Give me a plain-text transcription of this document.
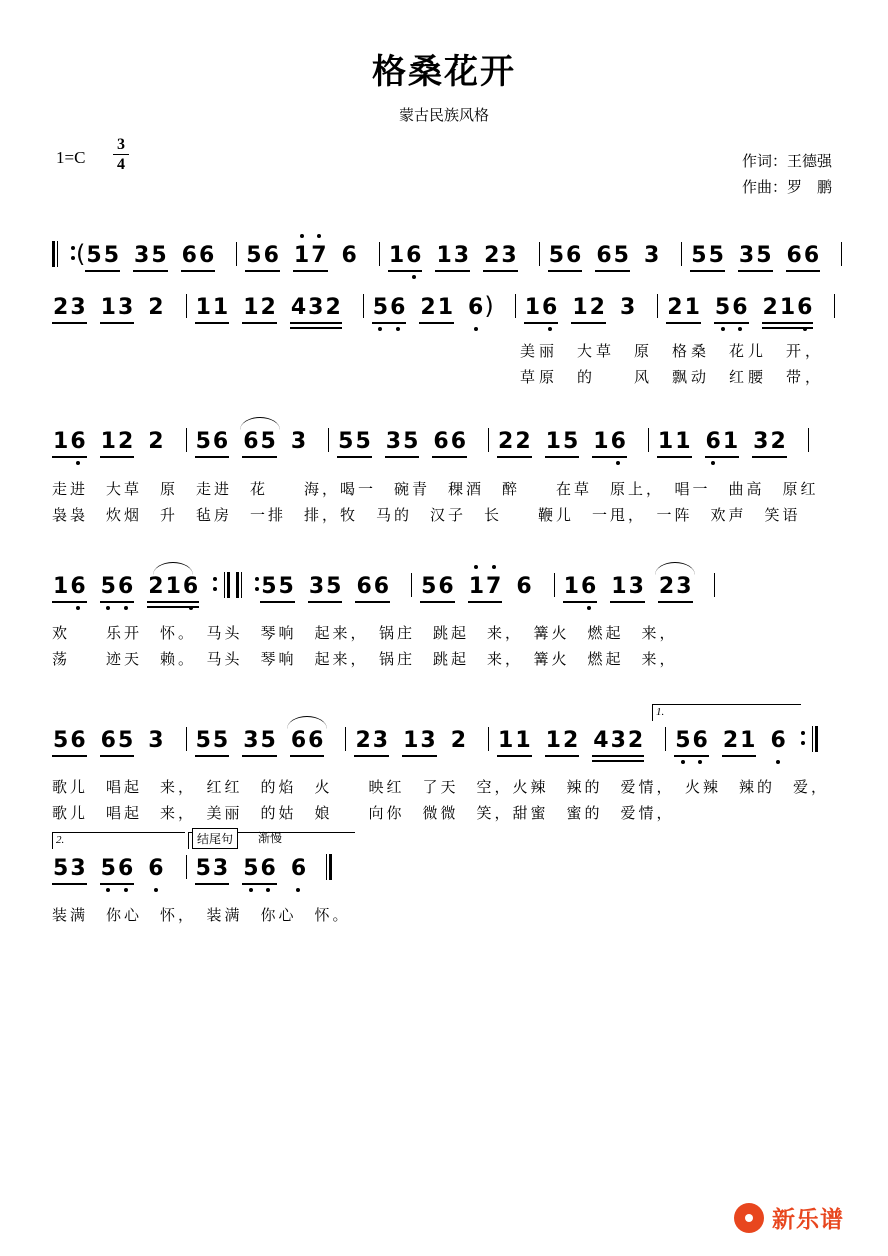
格桑花开
蒙古民族风格
1=C
3
4	作词：王德强
作曲：罗　鹏
(55 35 66 56 17 6 16 13 23 56 65 3 55 35 66
23 13 2 11 12 432 56 21 6) 16 12 3 21 56 216
美丽　大草　原　格桑　花儿　开，
草原　的　　风　飘动　红腰　带，
16 12 2 56 65 3 55 35 66 22 15 16 11 61 32
走进　大草　原　走进　花　　海，喝一　碗青　稞酒　醉　　在草　原上，　唱一　曲高　原红
袅袅　炊烟　升　毡房　一排　排，牧　马的　汉子　长　　鞭儿　一甩，　一阵　欢声　笑语
16 56 216	55 35 66 56 17 6 16 13 23
欢　　乐开　怀。　马头　琴响　起来，　锅庄　跳起　来，　篝火　燃起　来，
荡　　迹天　赖。　马头　琴响　起来，　锅庄　跳起　来，　篝火　燃起　来，
1.
56 65 3 55 35 66 23 13 2 11 12 432 56 21 6
歌儿　唱起　来，　红红　的焰　火　　映红　了天　空，火辣　辣的　爱情，　火辣　辣的　爱，
歌儿　唱起　来，　美丽　的姑　娘　　向你　微微　笑，甜蜜　蜜的　爱情，
2.	结尾句	渐慢
53 56 6 53 56 6
装满　你心　怀，　装满　你心　怀。
新乐谱
